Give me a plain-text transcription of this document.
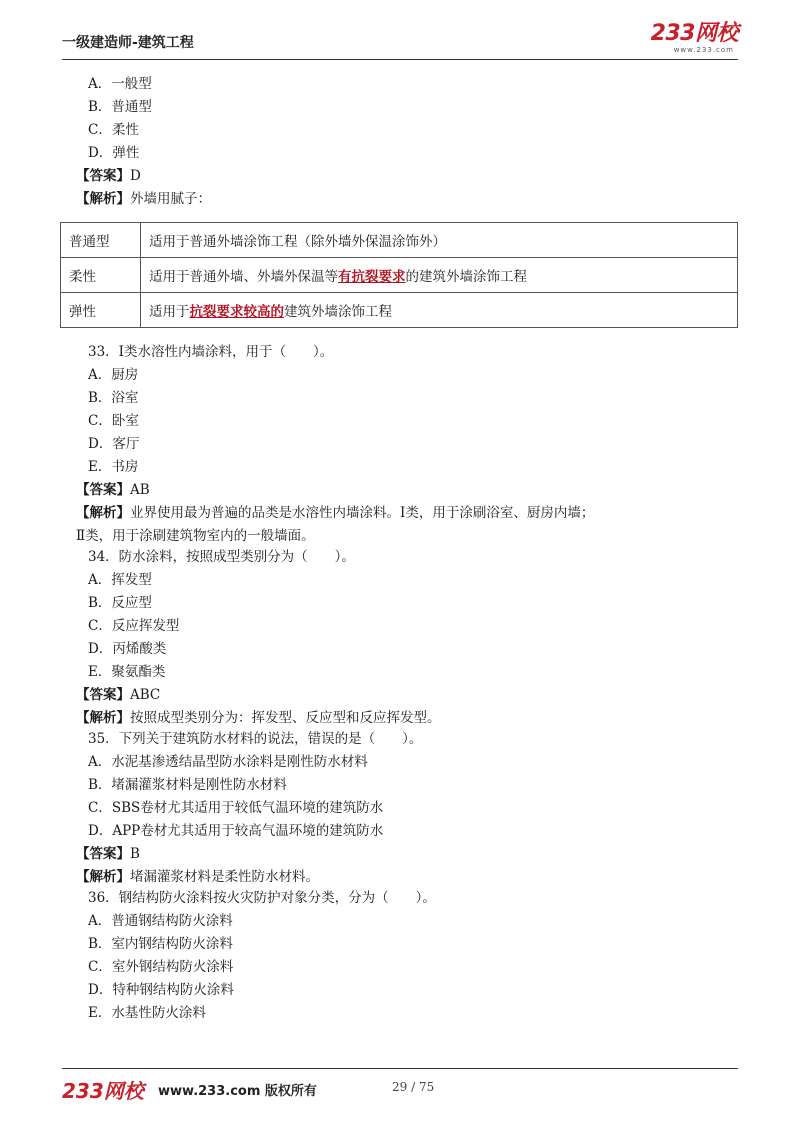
一级建造师-建筑工程	233网校
www.233.com
A．一般型
B．普通型
C．柔性
D．弹性
【答案】D
【解析】外墙用腻子：
普通型	适用于普通外墙涂饰工程（除外墙外保温涂饰外）
柔性	适用于普通外墙、外墙外保温等有抗裂要求的建筑外墙涂饰工程
弹性	适用于抗裂要求较高的建筑外墙涂饰工程
33．I类水溶性内墙涂料，用于（　　）。
A．厨房
B．浴室
C．卧室
D．客厅
E．书房
【答案】AB
【解析】业界使用最为普遍的品类是水溶性内墙涂料。I类，用于涂刷浴室、厨房内墙；
Ⅱ类，用于涂刷建筑物室内的一般墙面。
34．防水涂料，按照成型类别分为（　　）。
A．挥发型
B．反应型
C．反应挥发型
D．丙烯酸类
E．聚氨酯类
【答案】ABC
【解析】按照成型类别分为：挥发型、反应型和反应挥发型。
35．下列关于建筑防水材料的说法，错误的是（　　）。
A．水泥基渗透结晶型防水涂料是刚性防水材料
B．堵漏灌浆材料是刚性防水材料
C．SBS卷材尤其适用于较低气温环境的建筑防水
D．APP卷材尤其适用于较高气温环境的建筑防水
【答案】B
【解析】堵漏灌浆材料是柔性防水材料。
36．钢结构防火涂料按火灾防护对象分类，分为（　　）。
A．普通钢结构防火涂料
B．室内钢结构防火涂料
C．室外钢结构防火涂料
D．特种钢结构防火涂料
E．水基性防火涂料
233网校 www.233.com 版权所有	29 / 75
